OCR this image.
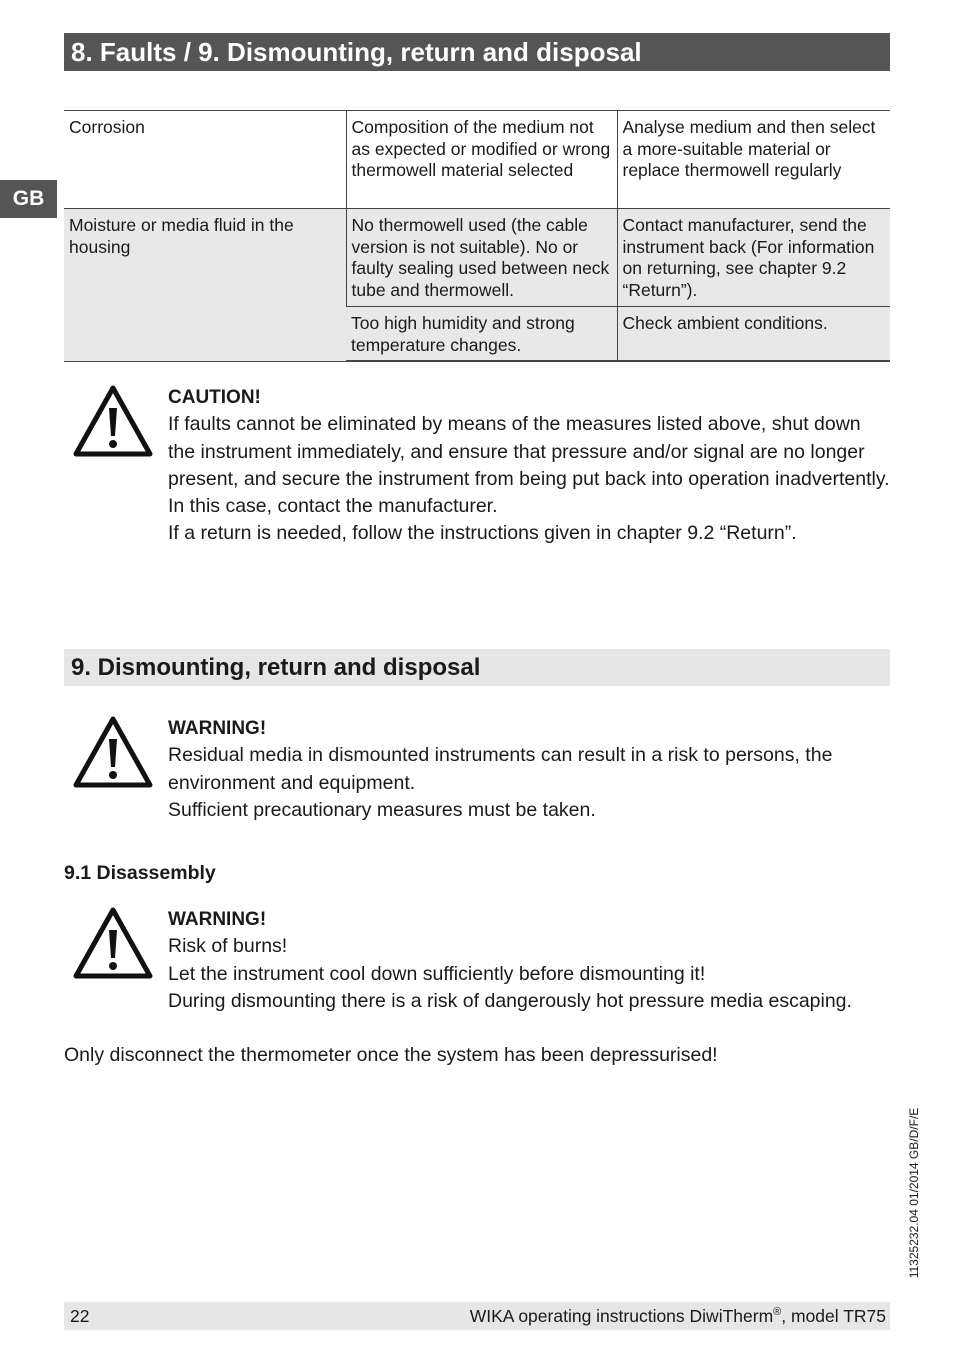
8. Faults / 9. Dismounting, return and disposal
GB
Corrosion	Composition of the medium not as expected or modified or wrong thermowell material selected	Analyse medium and then select a more-suitable material or replace thermowell regularly
Moisture or media fluid in the housing	No thermowell used (the cable version is not suitable). No or faulty sealing used between neck tube and thermowell.	Contact manufacturer, send the instrument back (For information on returning, see chapter 9.2 “Return”).
	Too high humidity and strong temperature changes.	Check ambient conditions.
CAUTION!
If faults cannot be eliminated by means of the measures listed above, shut down the instrument immediately, and ensure that pressure and/or signal are no longer present, and secure the instrument from being put back into operation inadvertently.
In this case, contact the manufacturer.
If a return is needed, follow the instructions given in chapter 9.2 “Return”.
9. Dismounting, return and disposal
WARNING!
Residual media in dismounted instruments can result in a risk to persons, the environment and equipment.
Sufficient precautionary measures must be taken.
9.1 Disassembly
WARNING!
Risk of burns!
Let the instrument cool down sufficiently before dismounting it!
During dismounting there is a risk of dangerously hot pressure media escaping.
Only disconnect the thermometer once the system has been depressurised!
11325232.04 01/2014 GB/D/F/E
22	WIKA operating instructions DiwiTherm®, model TR75
